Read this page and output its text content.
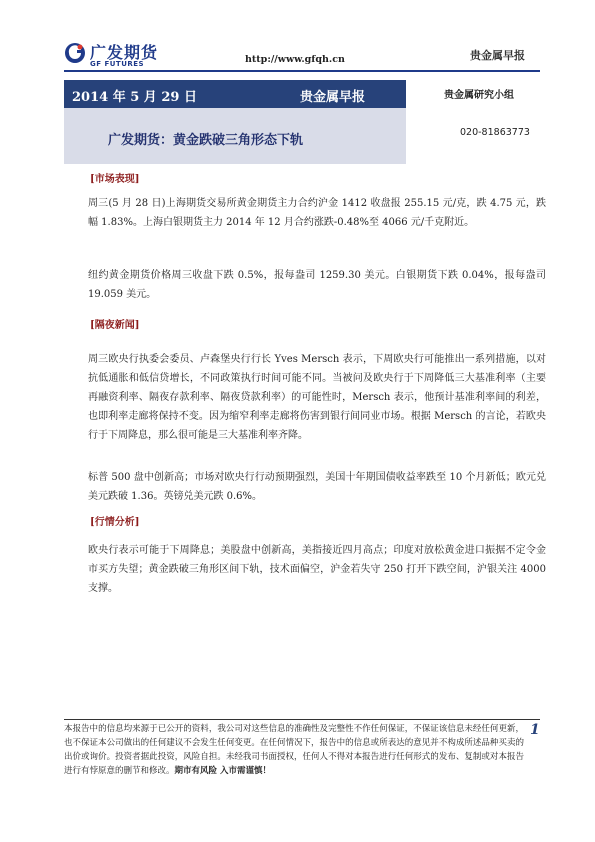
广发期货
GF FUTURES	http://www.gfqh.cn	贵金属早报
2014 年 5 月 29 日	贵金属早报
广发期货：黄金跌破三角形态下轨
贵金属研究小组
020-81863773
[市场表现]
周三(5 月 28 日)上海期货交易所黄金期货主力合约沪金 1412 收盘报 255.15 元/克，跌 4.75 元，跌幅 1.83%。上海白银期货主力 2014 年 12 月合约涨跌-0.48%至 4066 元/千克附近。
纽约黄金期货价格周三收盘下跌 0.5%，报每盎司 1259.30 美元。白银期货下跌 0.04%，报每盎司 19.059 美元。
[隔夜新闻]
周三欧央行执委会委员、卢森堡央行行长 Yves Mersch 表示，下周欧央行可能推出一系列措施，以对抗低通胀和低信贷增长，不同政策执行时间可能不同。当被问及欧央行于下周降低三大基准利率（主要再融资利率、隔夜存款利率、隔夜贷款利率）的可能性时，Mersch 表示，他预计基准利率间的利差，也即利率走廊将保持不变。因为缩窄利率走廊将伤害到银行间同业市场。根据 Mersch 的言论，若欧央行于下周降息，那么很可能是三大基准利率齐降。
标普 500 盘中创新高；市场对欧央行行动预期强烈，美国十年期国债收益率跌至 10 个月新低；欧元兑美元跌破 1.36。英镑兑美元跌 0.6%。
[行情分析]
欧央行表示可能于下周降息；美股盘中创新高，美指接近四月高点；印度对放松黄金进口振据不定令金市买方失望；黄金跌破三角形区间下轨，技术面偏空，沪金若失守 250 打开下跌空间，沪银关注 4000 支撑。
本报告中的信息均来源于已公开的资料，我公司对这些信息的准确性及完整性不作任何保证，不保证该信息未经任何更新，也不保证本公司做出的任何建议不会发生任何变更。在任何情况下，报告中的信息或所表达的意见并不构成所述品种买卖的出价或询价。投资者据此投资，风险自担。未经我司书面授权，任何人不得对本报告进行任何形式的发布、复制或对本报告进行有悖原意的删节和修改。期市有风险 入市需谨慎！
1
